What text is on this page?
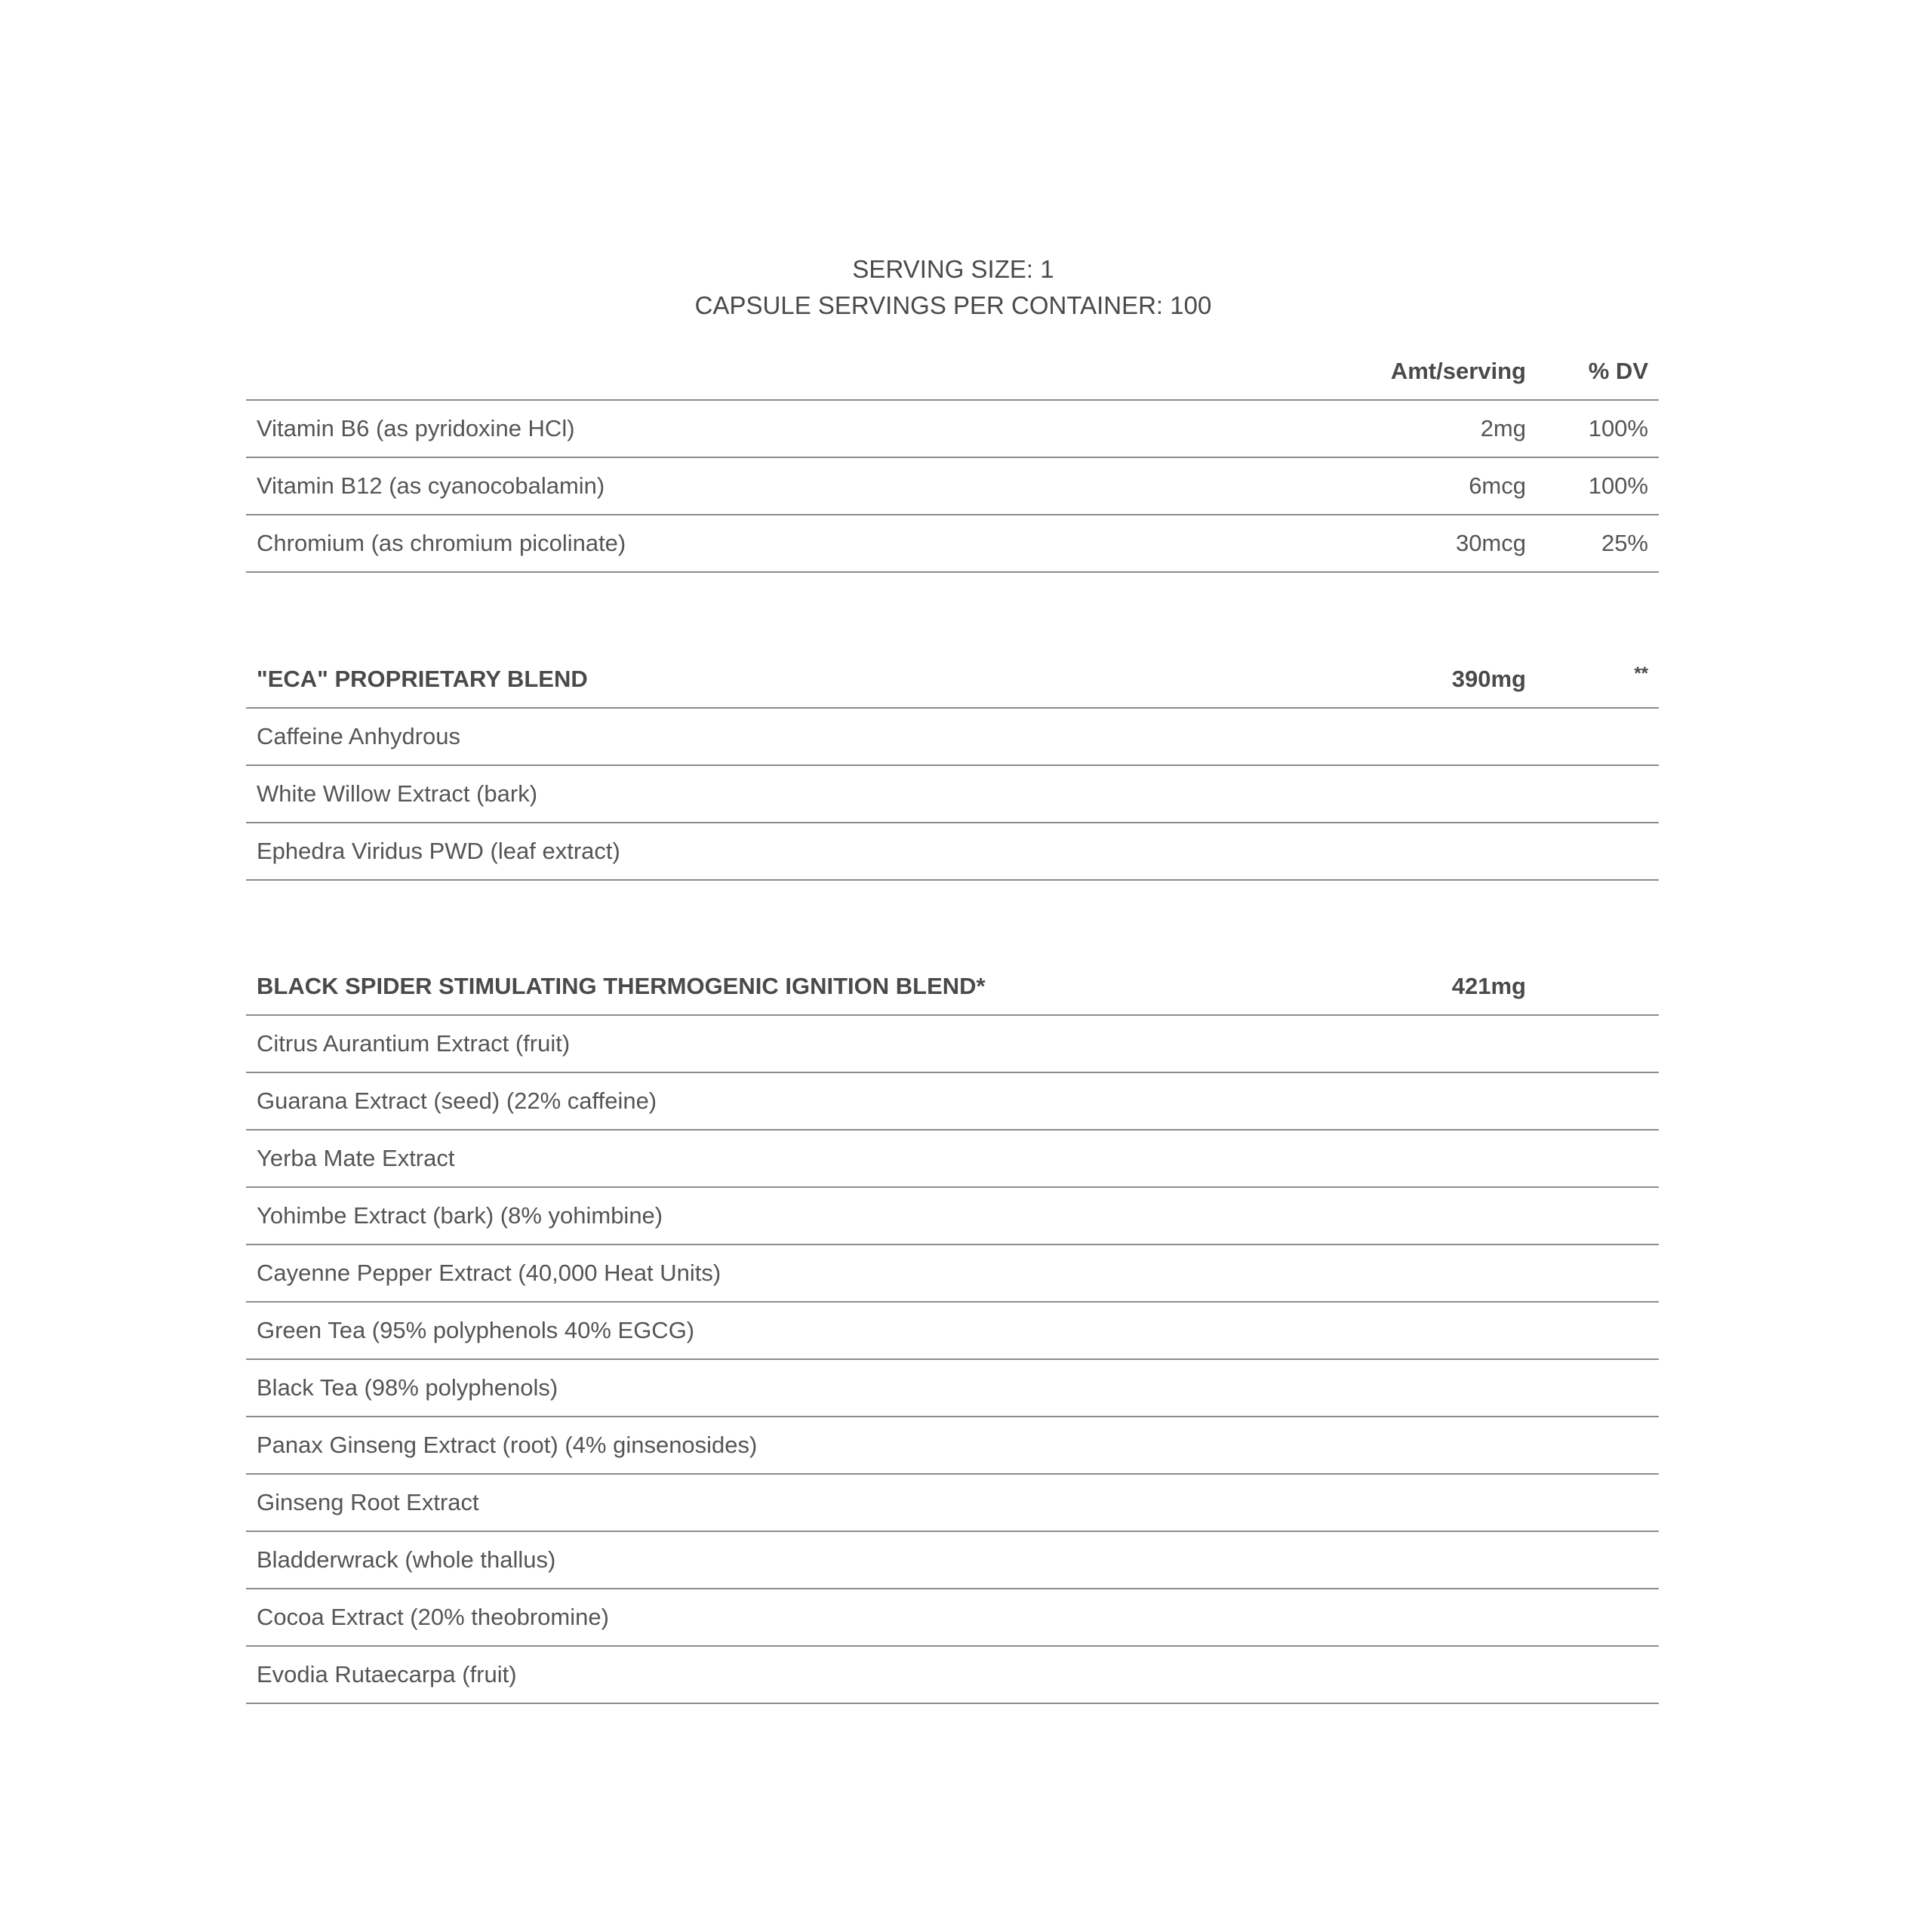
SERVING SIZE: 1
CAPSULE SERVINGS PER CONTAINER: 100
Amt/serving	% DV
Vitamin B6 (as pyridoxine HCl)	2mg	100%
Vitamin B12 (as cyanocobalamin)	6mcg	100%
Chromium (as chromium picolinate)	30mcg	25%
"ECA" PROPRIETARY BLEND	390mg	**
Caffeine Anhydrous
White Willow Extract (bark)
Ephedra Viridus PWD (leaf extract)
BLACK SPIDER STIMULATING THERMOGENIC IGNITION BLEND*	421mg
Citrus Aurantium Extract (fruit)
Guarana Extract (seed) (22% caffeine)
Yerba Mate Extract
Yohimbe Extract (bark) (8% yohimbine)
Cayenne Pepper Extract (40,000 Heat Units)
Green Tea (95% polyphenols 40% EGCG)
Black Tea (98% polyphenols)
Panax Ginseng Extract (root) (4% ginsenosides)
Ginseng Root Extract
Bladderwrack (whole thallus)
Cocoa Extract (20% theobromine)
Evodia Rutaecarpa (fruit)
